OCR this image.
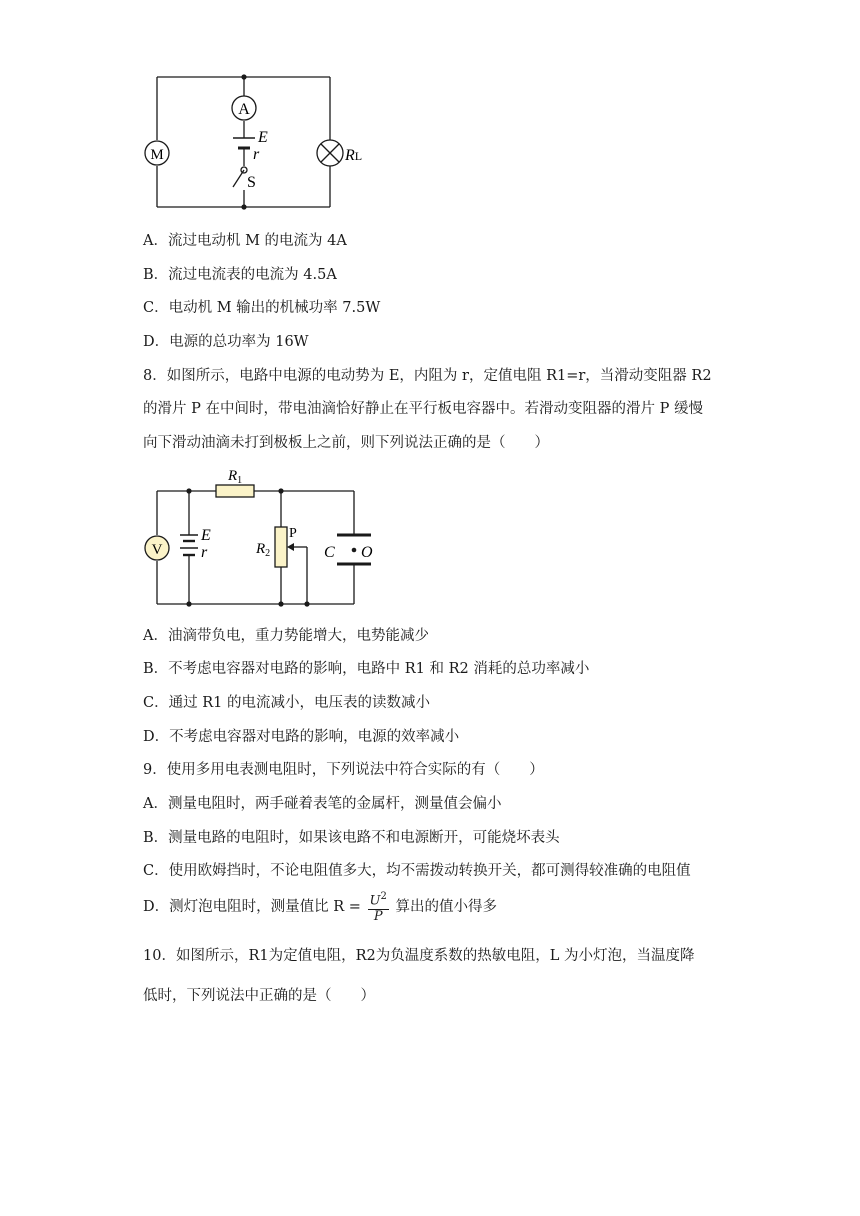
A
E
r
S
M	RL
A．流过电动机 M 的电流为 4A
B．流过电流表的电流为 4.5A
C．电动机 M 输出的机械功率 7.5W
D．电源的总功率为 16W
8．如图所示，电路中电源的电动势为 E，内阻为 r，定值电阻 R1=r，当滑动变阻器 R2
的滑片 P 在中间时，带电油滴恰好静止在平行板电容器中。若滑动变阻器的滑片 P 缓慢
向下滑动油滴未打到极板上之前，则下列说法正确的是（　　）
$R_1$
V
E
r
P
$R_2$	C O
A．油滴带负电，重力势能增大，电势能减少
B．不考虑电容器对电路的影响，电路中 R1 和 R2 消耗的总功率减小
C．通过 R1 的电流减小，电压表的读数减小
D．不考虑电容器对电路的影响，电源的效率减小
9．使用多用电表测电阻时，下列说法中符合实际的有（　　）
A．测量电阻时，两手碰着表笔的金属杆，测量值会偏小
B．测量电路的电阻时，如果该电路不和电源断开，可能烧坏表头
C．使用欧姆挡时，不论电阻值多大，均不需拨动转换开关，都可测得较准确的电阻值
D．测灯泡电阻时，测量值比 $R = \frac{U^2}{P}$ 算出的值小得多
10．如图所示，R1为定值电阻，R2为负温度系数的热敏电阻，L 为小灯泡，当温度降
低时，下列说法中正确的是（　　）
